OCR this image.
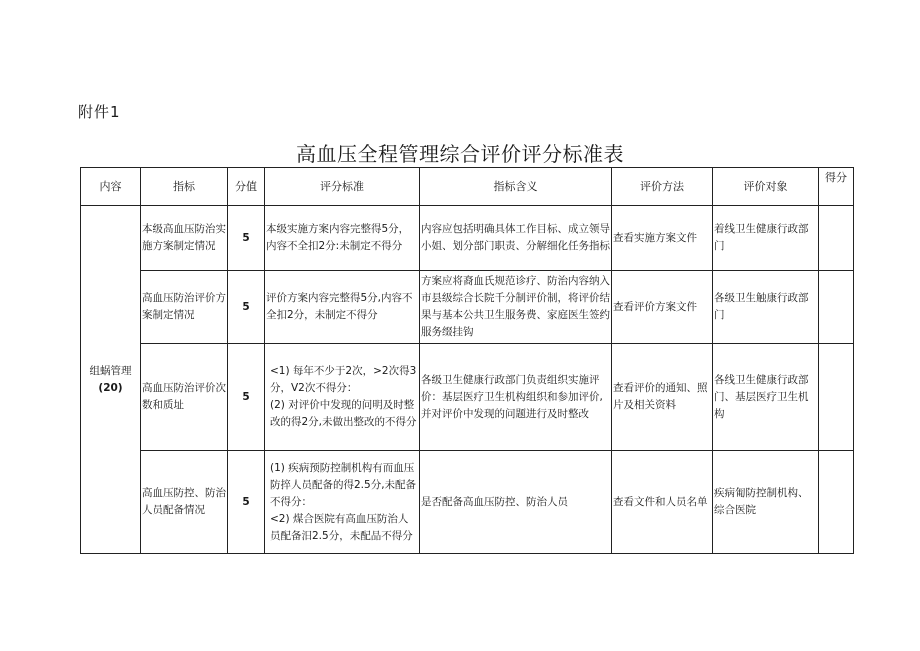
附件1
高血压全程管理综合评价评分标准表
内容	指标	分值	评分标准	指标含义	评价方法	评价对象	得分

组蜗管理
(20)	本级高血压防治实施方案制定情况	5	本级实施方案内容完整得5分，内容不全扣2分:未制定不得分	内容应包括明确具体工作目标、成立领导小姐、划分部门职责、分解细化任务指标	查看实施方案文件	着线卫生健康行政部门	
	高血压防治评价方案制定情况	5	评价方案内容完整得5分,内容不全扣2分，未制定不得分	方案应将裔血氏规范诊疗、防治内容纳入市县级综合长院千分制评价制，将评价结果与基本公共卫生服务费、家庭医生签约服务缀挂钩	查看评价方案文件	各级卫生触康行政部门	
	高血压防治评价次数和质址	5	<1) 每年不少于2次，>2次得3分，V2次不得分：
(2) 对评价中发现的问明及时整改的得2分,未做出整改的不得分	各级卫生健康行政部门负责组织实施评价：基层医疗卫生机构组织和参加评价,并对评价中发现的问题进行及时整改	查看评价的通知、照片及相关资料	各线卫生健康行政部门、基层医疗卫生机构	
	高血压防控、防治人员配备情况	5	(1) 疾病预防控制机构有而血压防捽人员配备的得2.5分,未配备不得分：
<2) 煤合医院有高血压防治人员配备汨2.5分，未配品不得分	是否配备高血压防控、防治人员	查看文件和人员名单	疾病匍防控制机构、综合医院	
